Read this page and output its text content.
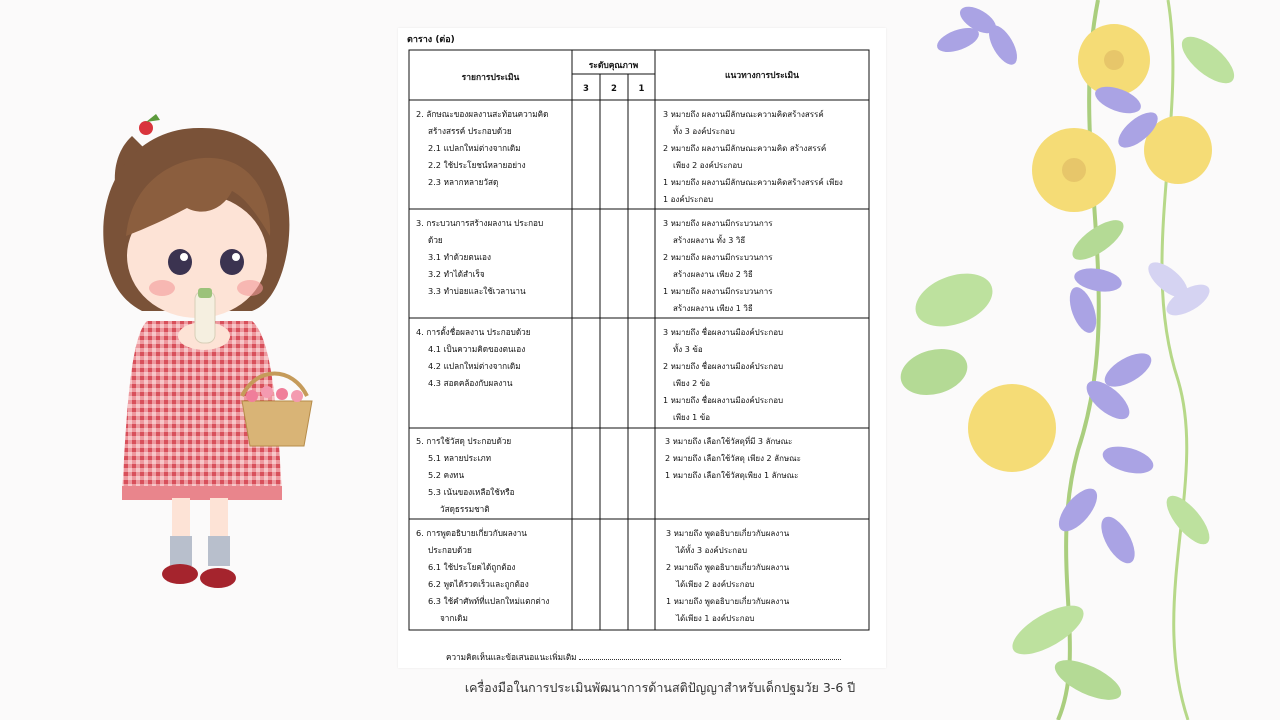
ตาราง (ต่อ)
รายการประเมิน
ระดับคุณภาพ
3	2	1
แนวทางการประเมิน
2. ลักษณะของผลงานสะท้อนความคิด
สร้างสรรค์ ประกอบด้วย
2.1 แปลกใหม่ต่างจากเดิม
2.2 ใช้ประโยชน์หลายอย่าง
2.3 หลากหลายวัสดุ
3 หมายถึง ผลงานมีลักษณะความคิดสร้างสรรค์
ทั้ง 3 องค์ประกอบ
2 หมายถึง ผลงานมีลักษณะความคิด สร้างสรรค์
เพียง 2 องค์ประกอบ
1 หมายถึง ผลงานมีลักษณะความคิดสร้างสรรค์ เพียง
1 องค์ประกอบ
3. กระบวนการสร้างผลงาน ประกอบ
ด้วย
3.1 ทำด้วยตนเอง
3.2 ทำได้สำเร็จ
3.3 ทำบ่อยและใช้เวลานาน
3 หมายถึง ผลงานมีกระบวนการ
สร้างผลงาน ทั้ง 3 วิธี
2 หมายถึง ผลงานมีกระบวนการ
สร้างผลงาน เพียง 2 วิธี
1 หมายถึง ผลงานมีกระบวนการ
สร้างผลงาน เพียง 1 วิธี
4. การตั้งชื่อผลงาน ประกอบด้วย
4.1 เป็นความคิดของตนเอง
4.2 แปลกใหม่ต่างจากเดิม
4.3 สอดคล้องกับผลงาน
3 หมายถึง ชื่อผลงานมีองค์ประกอบ
ทั้ง 3 ข้อ
2 หมายถึง ชื่อผลงานมีองค์ประกอบ
เพียง 2 ข้อ
1 หมายถึง ชื่อผลงานมีองค์ประกอบ
เพียง 1 ข้อ
5. การใช้วัสดุ ประกอบด้วย
5.1 หลายประเภท
5.2 คงทน
5.3 เน้นของเหลือใช้หรือ
วัสดุธรรมชาติ
3 หมายถึง เลือกใช้วัสดุที่มี 3 ลักษณะ
2 หมายถึง เลือกใช้วัสดุ เพียง 2 ลักษณะ
1 หมายถึง เลือกใช้วัสดุเพียง 1 ลักษณะ
6. การพูดอธิบายเกี่ยวกับผลงาน
ประกอบด้วย
6.1 ใช้ประโยคได้ถูกต้อง
6.2 พูดได้รวดเร็วและถูกต้อง
6.3 ใช้คำศัพท์ที่แปลกใหม่แตกต่าง
จากเดิม
3 หมายถึง พูดอธิบายเกี่ยวกับผลงาน
ได้ทั้ง 3 องค์ประกอบ
2 หมายถึง พูดอธิบายเกี่ยวกับผลงาน
ได้เพียง 2 องค์ประกอบ
1 หมายถึง พูดอธิบายเกี่ยวกับผลงาน
ได้เพียง 1 องค์ประกอบ
ความคิดเห็นและข้อเสนอแนะเพิ่มเติม
เครื่องมือในการประเมินพัฒนาการด้านสติปัญญาสำหรับเด็กปฐมวัย 3-6 ปี
